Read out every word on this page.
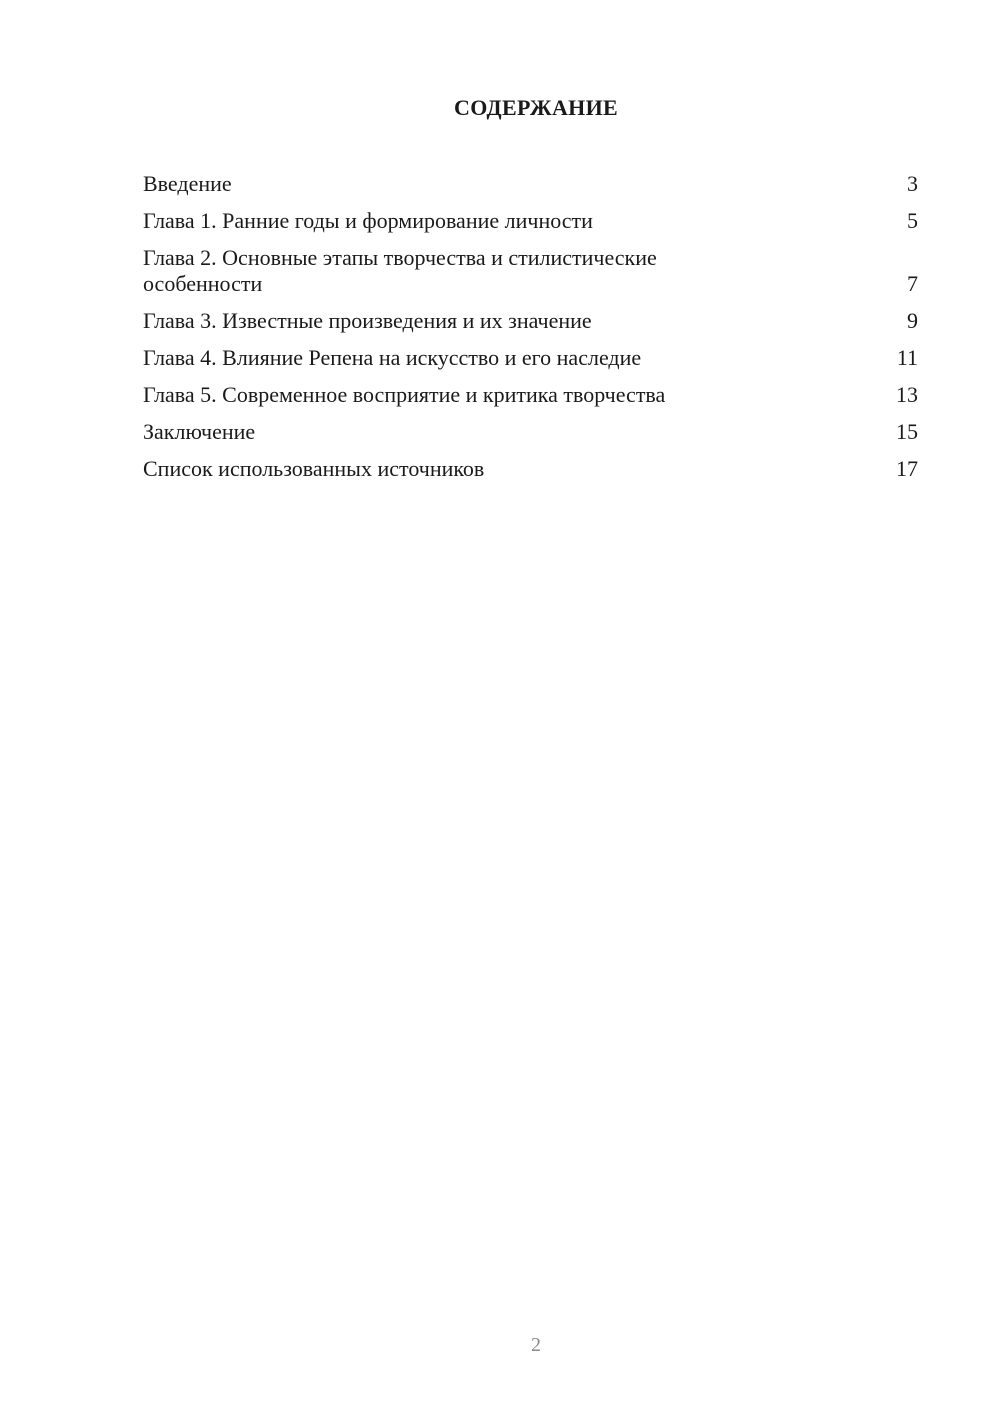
СОДЕРЖАНИЕ
Введение	3
Глава 1. Ранние годы и формирование личности	5
Глава 2. Основные этапы творчества и стилистические особенности	7
Глава 3. Известные произведения и их значение	9
Глава 4. Влияние Репена на искусство и его наследие	11
Глава 5. Современное восприятие и критика творчества	13
Заключение	15
Список использованных источников	17
2
